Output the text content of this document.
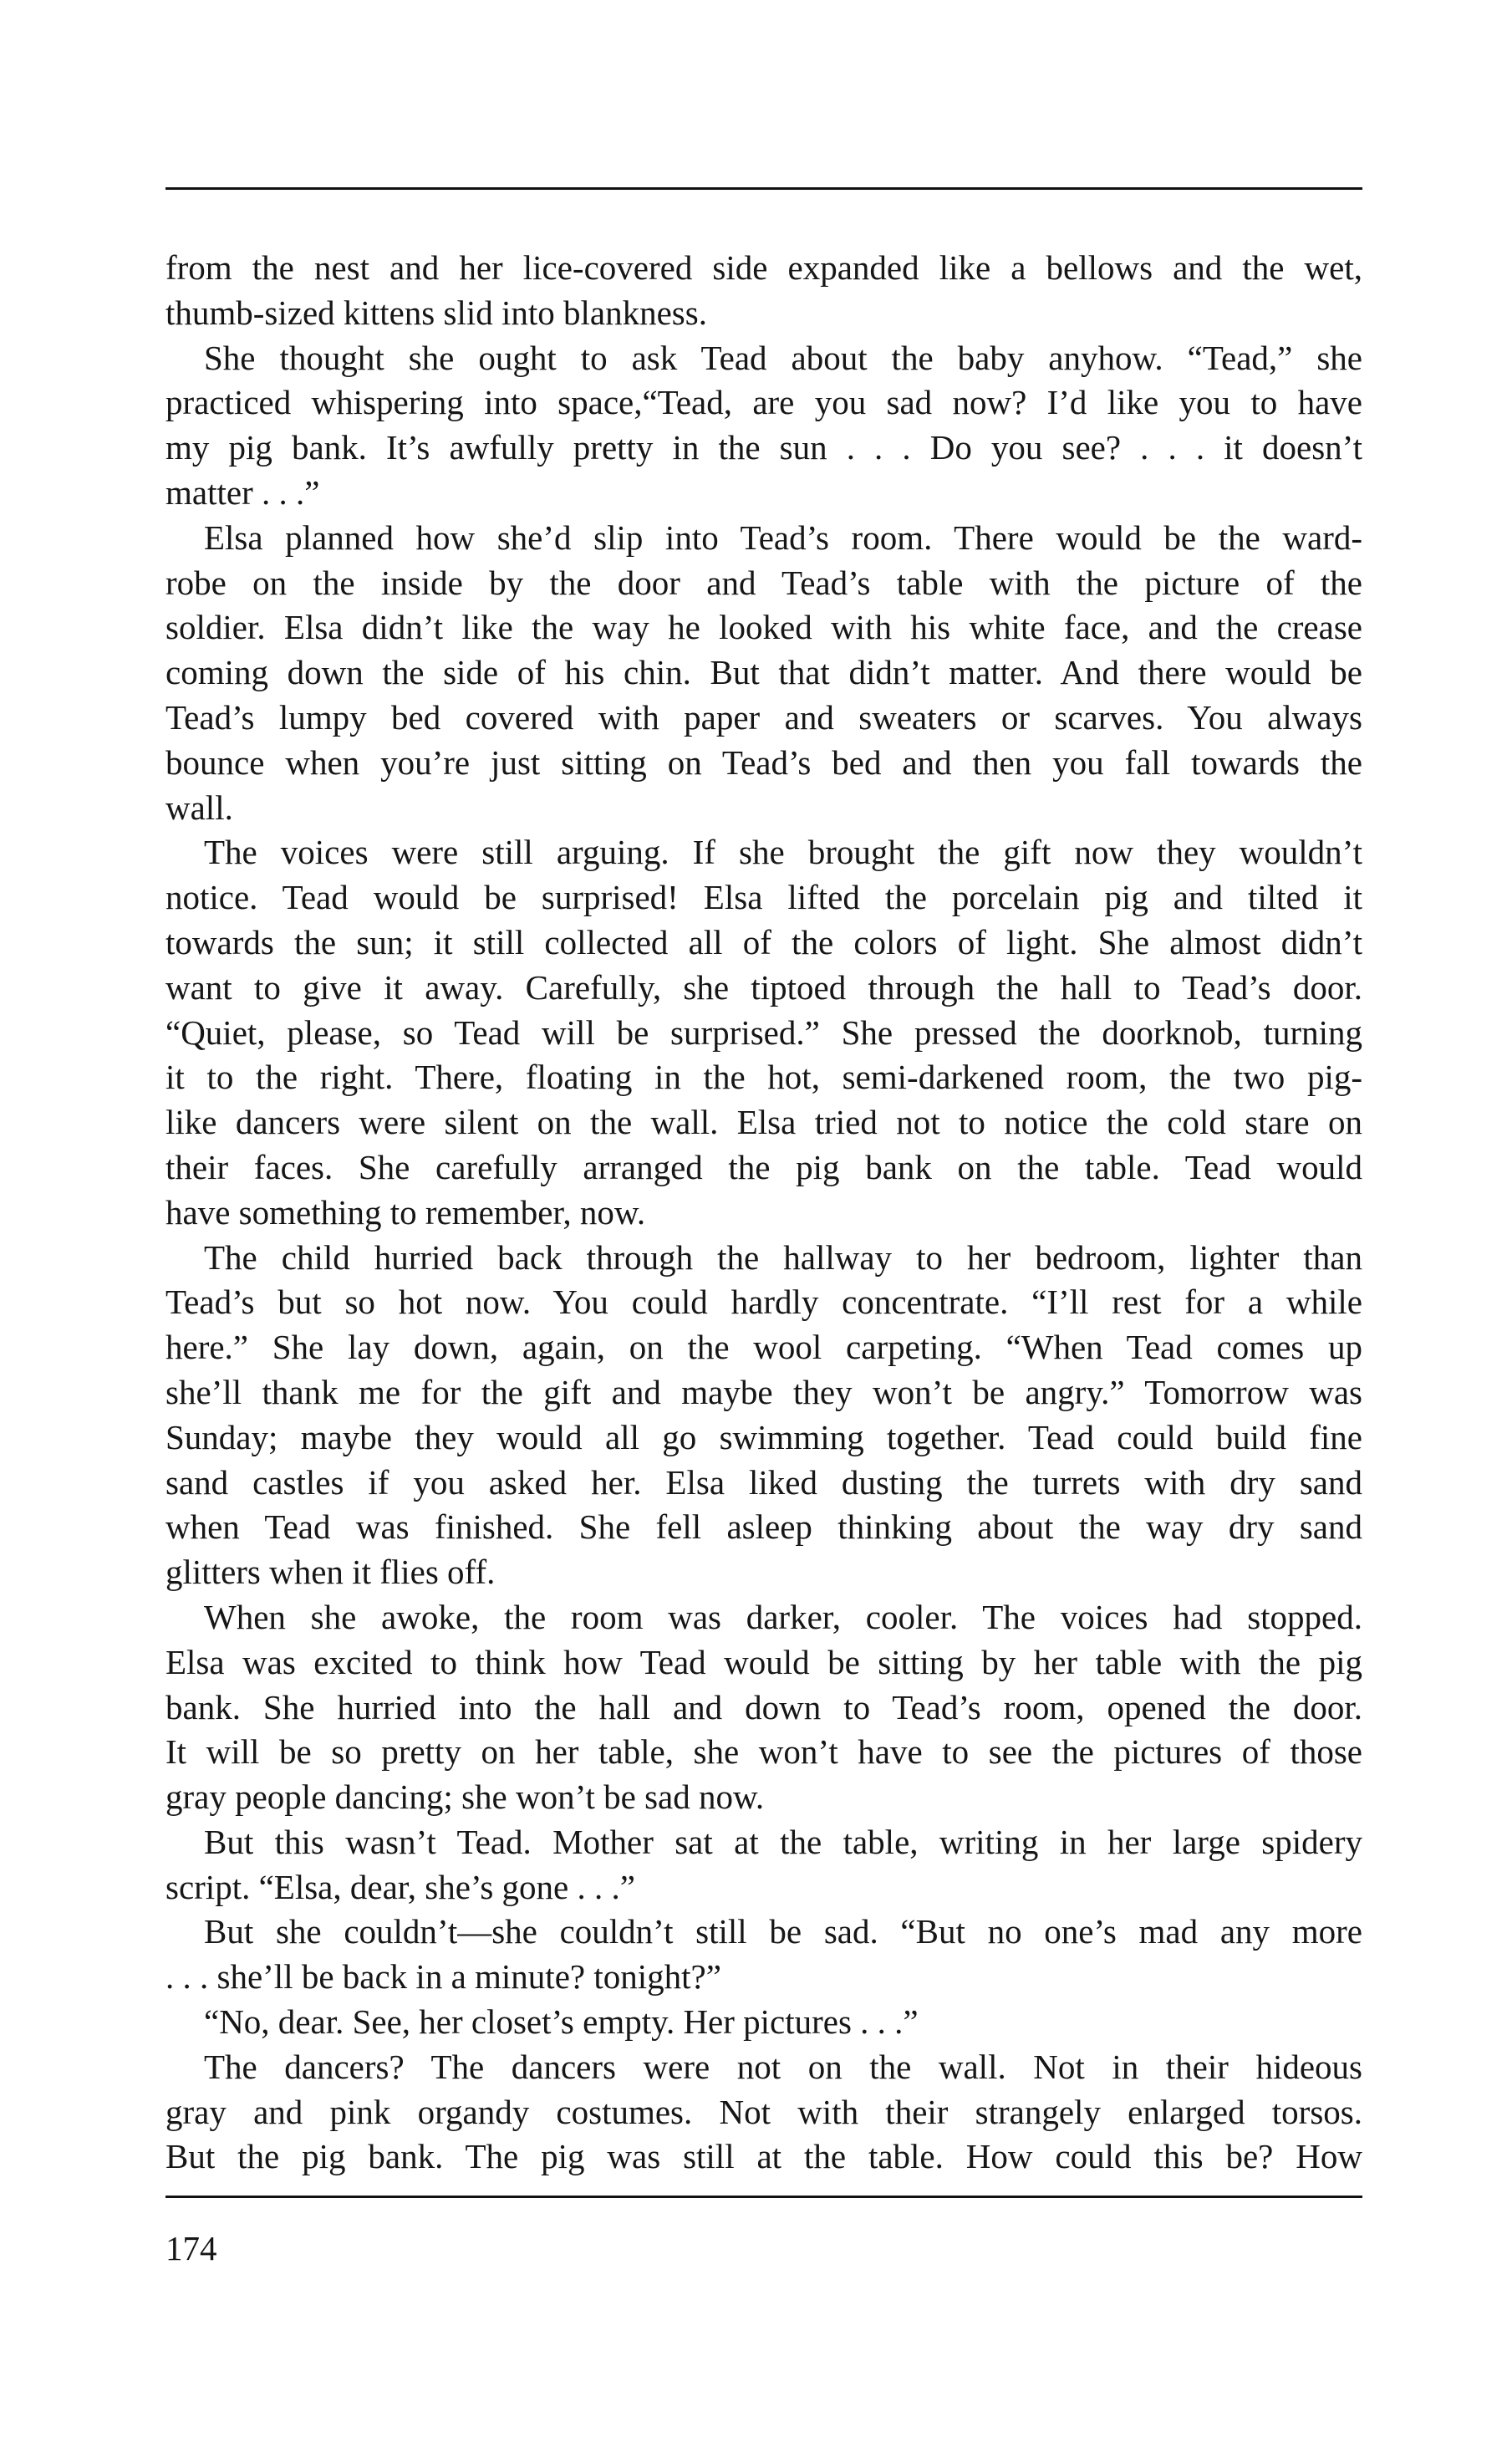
from the nest and her lice-covered side expanded like a bellows and the wet,
thumb-sized kittens slid into blankness.
She thought she ought to ask Tead about the baby anyhow. “Tead,” she
practiced whispering into space,“Tead, are you sad now? I’d like you to have
my pig bank. It’s awfully pretty in the sun . . . Do you see? . . . it doesn’t
matter . . .”
Elsa planned how she’d slip into Tead’s room. There would be the ward-
robe on the inside by the door and Tead’s table with the picture of the
soldier. Elsa didn’t like the way he looked with his white face, and the crease
coming down the side of his chin. But that didn’t matter. And there would be
Tead’s lumpy bed covered with paper and sweaters or scarves. You always
bounce when you’re just sitting on Tead’s bed and then you fall towards the
wall.
The voices were still arguing. If she brought the gift now they wouldn’t
notice. Tead would be surprised! Elsa lifted the porcelain pig and tilted it
towards the sun; it still collected all of the colors of light. She almost didn’t
want to give it away. Carefully, she tiptoed through the hall to Tead’s door.
“Quiet, please, so Tead will be surprised.” She pressed the doorknob, turning
it to the right. There, floating in the hot, semi-darkened room, the two pig-
like dancers were silent on the wall. Elsa tried not to notice the cold stare on
their faces. She carefully arranged the pig bank on the table. Tead would
have something to remember, now.
The child hurried back through the hallway to her bedroom, lighter than
Tead’s but so hot now. You could hardly concentrate. “I’ll rest for a while
here.” She lay down, again, on the wool carpeting. “When Tead comes up
she’ll thank me for the gift and maybe they won’t be angry.” Tomorrow was
Sunday; maybe they would all go swimming together. Tead could build fine
sand castles if you asked her. Elsa liked dusting the turrets with dry sand
when Tead was finished. She fell asleep thinking about the way dry sand
glitters when it flies off.
When she awoke, the room was darker, cooler. The voices had stopped.
Elsa was excited to think how Tead would be sitting by her table with the pig
bank. She hurried into the hall and down to Tead’s room, opened the door.
It will be so pretty on her table, she won’t have to see the pictures of those
gray people dancing; she won’t be sad now.
But this wasn’t Tead. Mother sat at the table, writing in her large spidery
script. “Elsa, dear, she’s gone . . .”
But she couldn’t—she couldn’t still be sad. “But no one’s mad any more
. . . she’ll be back in a minute? tonight?”
“No, dear. See, her closet’s empty. Her pictures . . .”
The dancers? The dancers were not on the wall. Not in their hideous
gray and pink organdy costumes. Not with their strangely enlarged torsos.
But the pig bank. The pig was still at the table. How could this be? How
174
